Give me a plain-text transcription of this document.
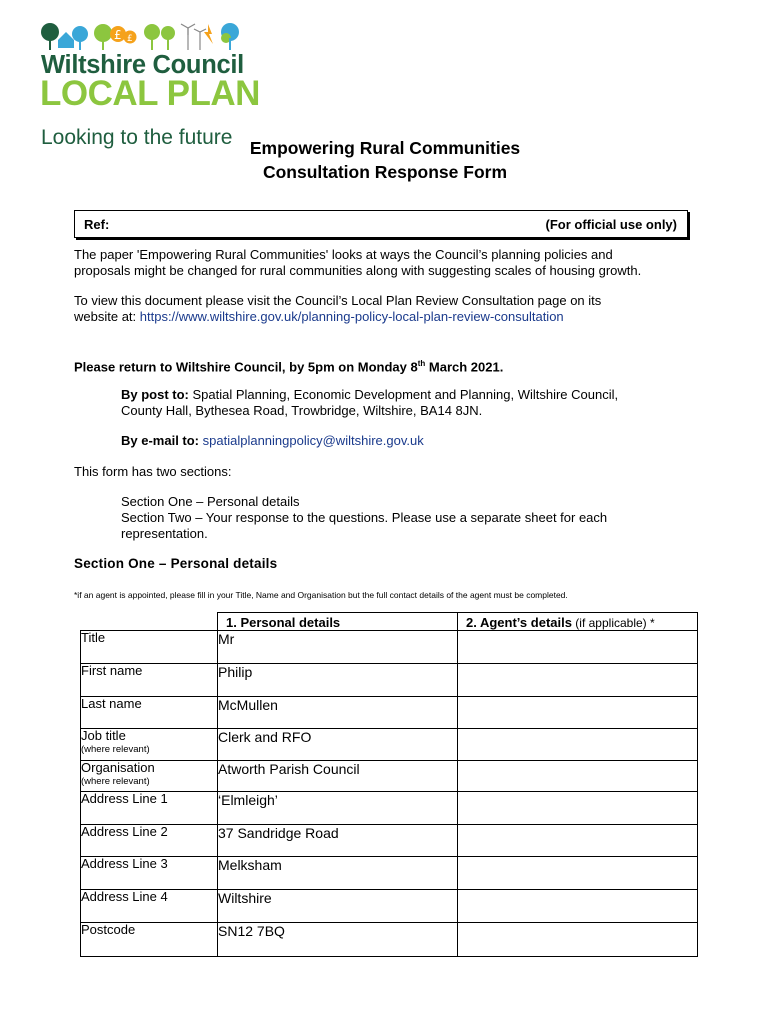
£ £
Wiltshire Council
LOCAL PLAN
Looking to the future Empowering Rural Communities
Consultation Response Form
Ref:	(For official use only)
The paper 'Empowering Rural Communities' looks at ways the Council’s planning policies and
proposals might be changed for rural communities along with suggesting scales of housing growth.
To view this document please visit the Council’s Local Plan Review Consultation page on its
website at: https://www.wiltshire.gov.uk/planning-policy-local-plan-review-consultation
Please return to Wiltshire Council, by 5pm on Monday 8th March 2021.
By post to: Spatial Planning, Economic Development and Planning, Wiltshire Council,
County Hall, Bythesea Road, Trowbridge, Wiltshire, BA14 8JN.
By e-mail to: spatialplanningpolicy@wiltshire.gov.uk
This form has two sections:
Section One – Personal details
Section Two – Your response to the questions. Please use a separate sheet for each
representation.
Section One – Personal details
*if an agent is appointed, please fill in your Title, Name and Organisation but the full contact details of the agent must be completed.
	1. Personal details	2. Agent’s details (if applicable) *
Title	Mr	
First name	Philip	
Last name	McMullen	

Job title
(where relevant)	Clerk and RFO	

Organisation
(where relevant)	Atworth Parish Council	
Address Line 1	‘Elmleigh’	
Address Line 2	37 Sandridge Road	
Address Line 3	Melksham	
Address Line 4	Wiltshire	
Postcode	SN12 7BQ	
